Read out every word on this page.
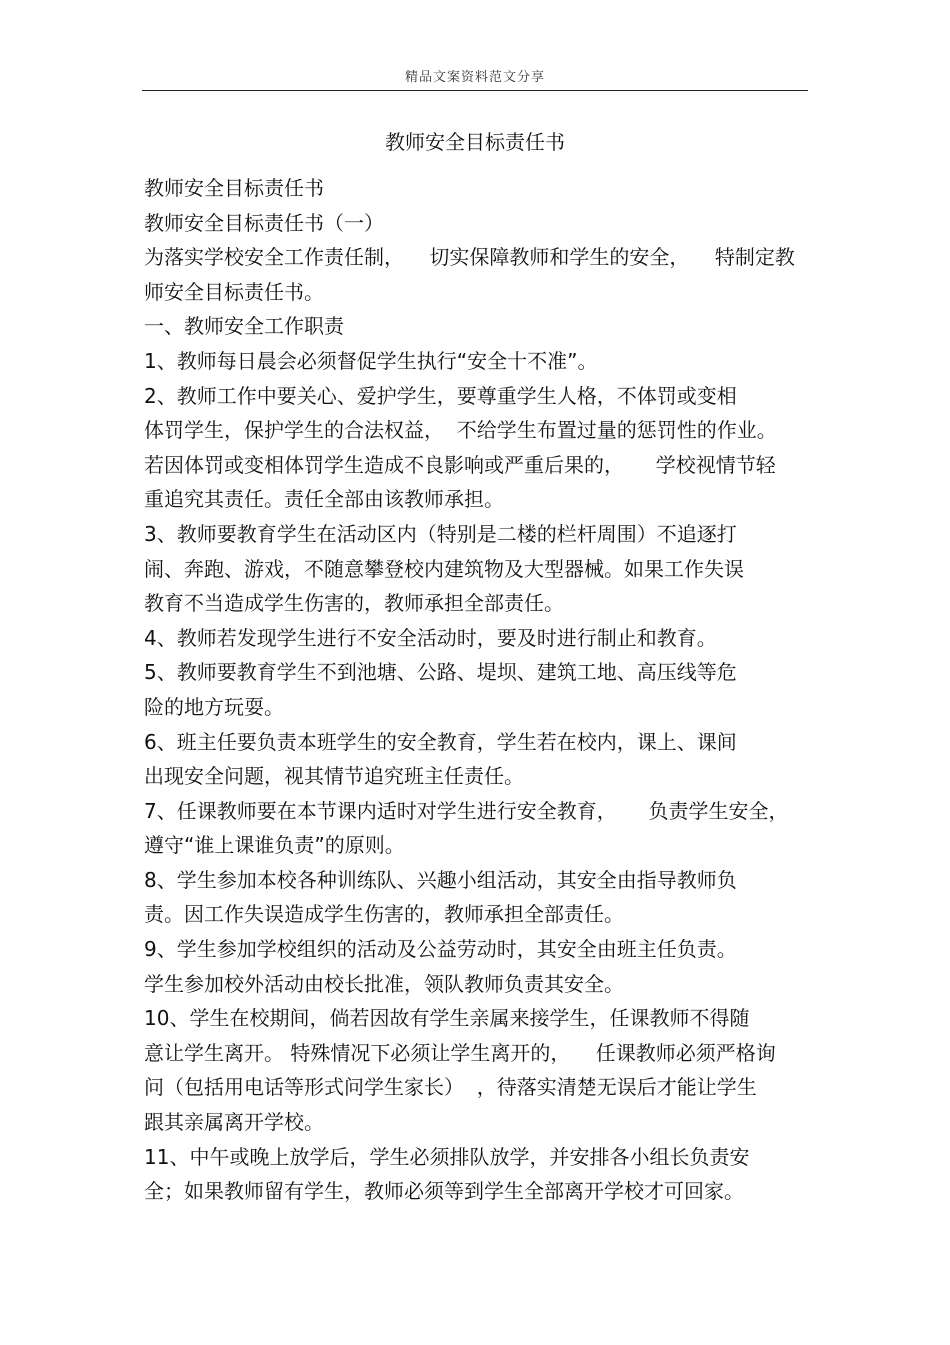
精品文案资料范文分享
教师安全目标责任书
教师安全目标责任书
教师安全目标责任书（一）
为落实学校安全工作责任制，    切实保障教师和学生的安全，    特制定教
师安全目标责任书。
一、教师安全工作职责
1、教师每日晨会必须督促学生执行“安全十不准”。
2、教师工作中要关心、爱护学生，要尊重学生人格，不体罚或变相
体罚学生，保护学生的合法权益，  不给学生布置过量的惩罚性的作业。
若因体罚或变相体罚学生造成不良影响或严重后果的，     学校视情节轻
重追究其责任。责任全部由该教师承担。
3、教师要教育学生在活动区内（特别是二楼的栏杆周围）不追逐打
闹、奔跑、游戏，不随意攀登校内建筑物及大型器械。如果工作失误
教育不当造成学生伤害的，教师承担全部责任。
4、教师若发现学生进行不安全活动时，要及时进行制止和教育。
5、教师要教育学生不到池塘、公路、堤坝、建筑工地、高压线等危
险的地方玩耍。
6、班主任要负责本班学生的安全教育，学生若在校内，课上、课间
出现安全问题，视其情节追究班主任责任。
7、任课教师要在本节课内适时对学生进行安全教育，     负责学生安全，
遵守“谁上课谁负责”的原则。
8、学生参加本校各种训练队、兴趣小组活动，其安全由指导教师负
责。因工作失误造成学生伤害的，教师承担全部责任。
9、学生参加学校组织的活动及公益劳动时，其安全由班主任负责。
学生参加校外活动由校长批准，领队教师负责其安全。
10、学生在校期间，倘若因故有学生亲属来接学生，任课教师不得随
意让学生离开。 特殊情况下必须让学生离开的，    任课教师必须严格询
问（包括用电话等形式问学生家长）  ，待落实清楚无误后才能让学生
跟其亲属离开学校。
11、中午或晚上放学后，学生必须排队放学，并安排各小组长负责安
全；如果教师留有学生，教师必须等到学生全部离开学校才可回家。
